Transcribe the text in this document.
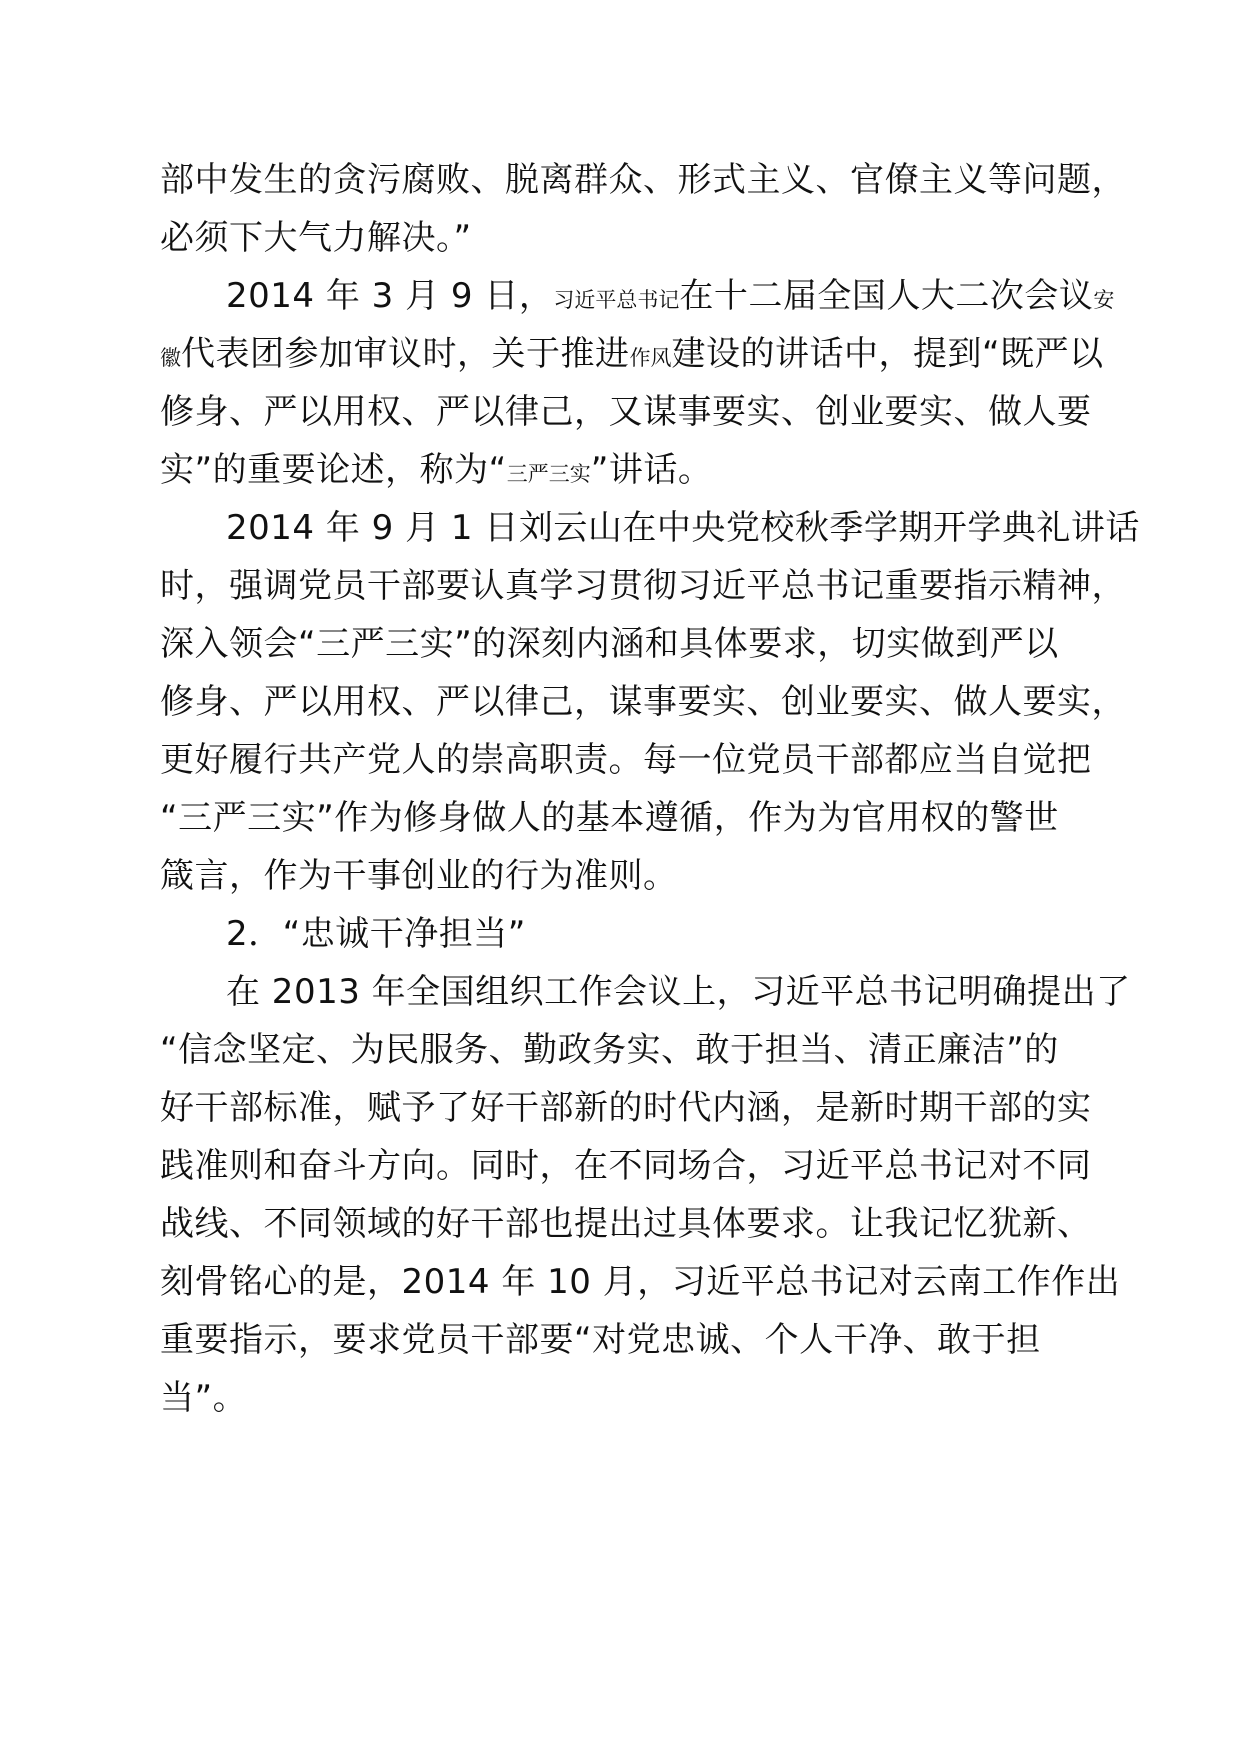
部中发生的贪污腐败、脱离群众、形式主义、官僚主义等问题，
必须下大气力解决。”
2014 年 3 月 9 日，习近平总书记在十二届全国人大二次会议安
徽代表团参加审议时，关于推进作风建设的讲话中，提到“既严以
修身、严以用权、严以律己，又谋事要实、创业要实、做人要
实”的重要论述，称为“三严三实”讲话。
2014 年 9 月 1 日刘云山在中央党校秋季学期开学典礼讲话
时，强调党员干部要认真学习贯彻习近平总书记重要指示精神，
深入领会“三严三实”的深刻内涵和具体要求，切实做到严以
修身、严以用权、严以律己，谋事要实、创业要实、做人要实，
更好履行共产党人的崇高职责。每一位党员干部都应当自觉把
“三严三实”作为修身做人的基本遵循，作为为官用权的警世
箴言，作为干事创业的行为准则。
2．“忠诚干净担当”
在 2013 年全国组织工作会议上，习近平总书记明确提出了
“信念坚定、为民服务、勤政务实、敢于担当、清正廉洁”的
好干部标准，赋予了好干部新的时代内涵，是新时期干部的实
践准则和奋斗方向。同时，在不同场合，习近平总书记对不同
战线、不同领域的好干部也提出过具体要求。让我记忆犹新、
刻骨铭心的是，2014 年 10 月，习近平总书记对云南工作作出
重要指示，要求党员干部要“对党忠诚、个人干净、敢于担
当”。
